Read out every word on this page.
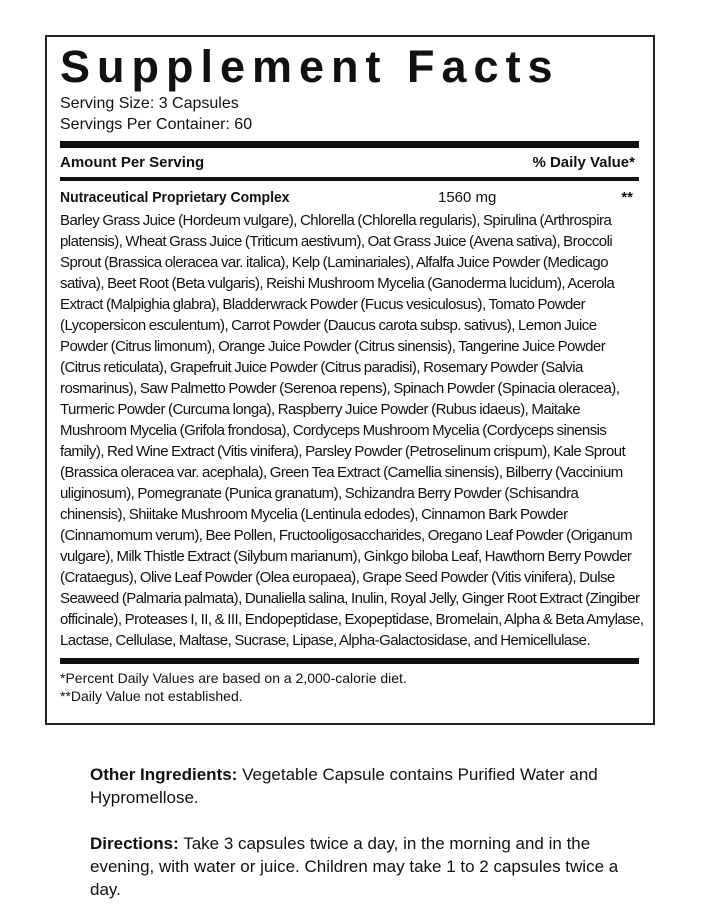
Supplement Facts
Serving Size: 3 Capsules
Servings Per Container: 60
Amount Per Serving	% Daily Value*
Nutraceutical Proprietary Complex	1560 mg	**
Barley Grass Juice (Hordeum vulgare), Chlorella (Chlorella regularis), Spirulina (Arthrospira platensis), Wheat Grass Juice (Triticum aestivum), Oat Grass Juice (Avena sativa), Broccoli Sprout (Brassica oleracea var. italica), Kelp (Laminariales), Alfalfa Juice Powder (Medicago sativa), Beet Root (Beta vulgaris), Reishi Mushroom Mycelia (Ganoderma lucidum), Acerola Extract (Malpighia glabra), Bladderwrack Powder (Fucus vesiculosus), Tomato Powder (Lycopersicon esculentum), Carrot Powder (Daucus carota subsp. sativus), Lemon Juice Powder (Citrus limonum), Orange Juice Powder (Citrus sinensis), Tangerine Juice Powder (Citrus reticulata), Grapefruit Juice Powder (Citrus paradisi), Rosemary Powder (Salvia rosmarinus), Saw Palmetto Powder (Serenoa repens), Spinach Powder (Spinacia oleracea), Turmeric Powder (Curcuma longa), Raspberry Juice Powder (Rubus idaeus), Maitake Mushroom Mycelia (Grifola frondosa), Cordyceps Mushroom Mycelia (Cordyceps sinensis family), Red Wine Extract (Vitis vinifera), Parsley Powder (Petroselinum crispum), Kale Sprout (Brassica oleracea var. acephala), Green Tea Extract (Camellia sinensis), Bilberry (Vaccinium uliginosum), Pomegranate (Punica granatum), Schizandra Berry Powder (Schisandra chinensis), Shiitake Mushroom Mycelia (Lentinula edodes), Cinnamon Bark Powder (Cinnamomum verum), Bee Pollen, Fructooligosaccharides, Oregano Leaf Powder (Origanum vulgare), Milk Thistle Extract (Silybum marianum), Ginkgo biloba Leaf, Hawthorn Berry Powder (Crataegus), Olive Leaf Powder (Olea europaea), Grape Seed Powder (Vitis vinifera), Dulse Seaweed (Palmaria palmata), Dunaliella salina, Inulin, Royal Jelly, Ginger Root Extract (Zingiber officinale), Proteases I, II, & III, Endopeptidase, Exopeptidase, Bromelain, Alpha & Beta Amylase, Lactase, Cellulase, Maltase, Sucrase, Lipase, Alpha-Galactosidase, and Hemicellulase.
*Percent Daily Values are based on a 2,000-calorie diet.
**Daily Value not established.

Other Ingredients: Vegetable Capsule contains Purified Water and Hypromellose.

Directions: Take 3 capsules twice a day, in the morning and in the evening, with water or juice. Children may take 1 to 2 capsules twice a day.
